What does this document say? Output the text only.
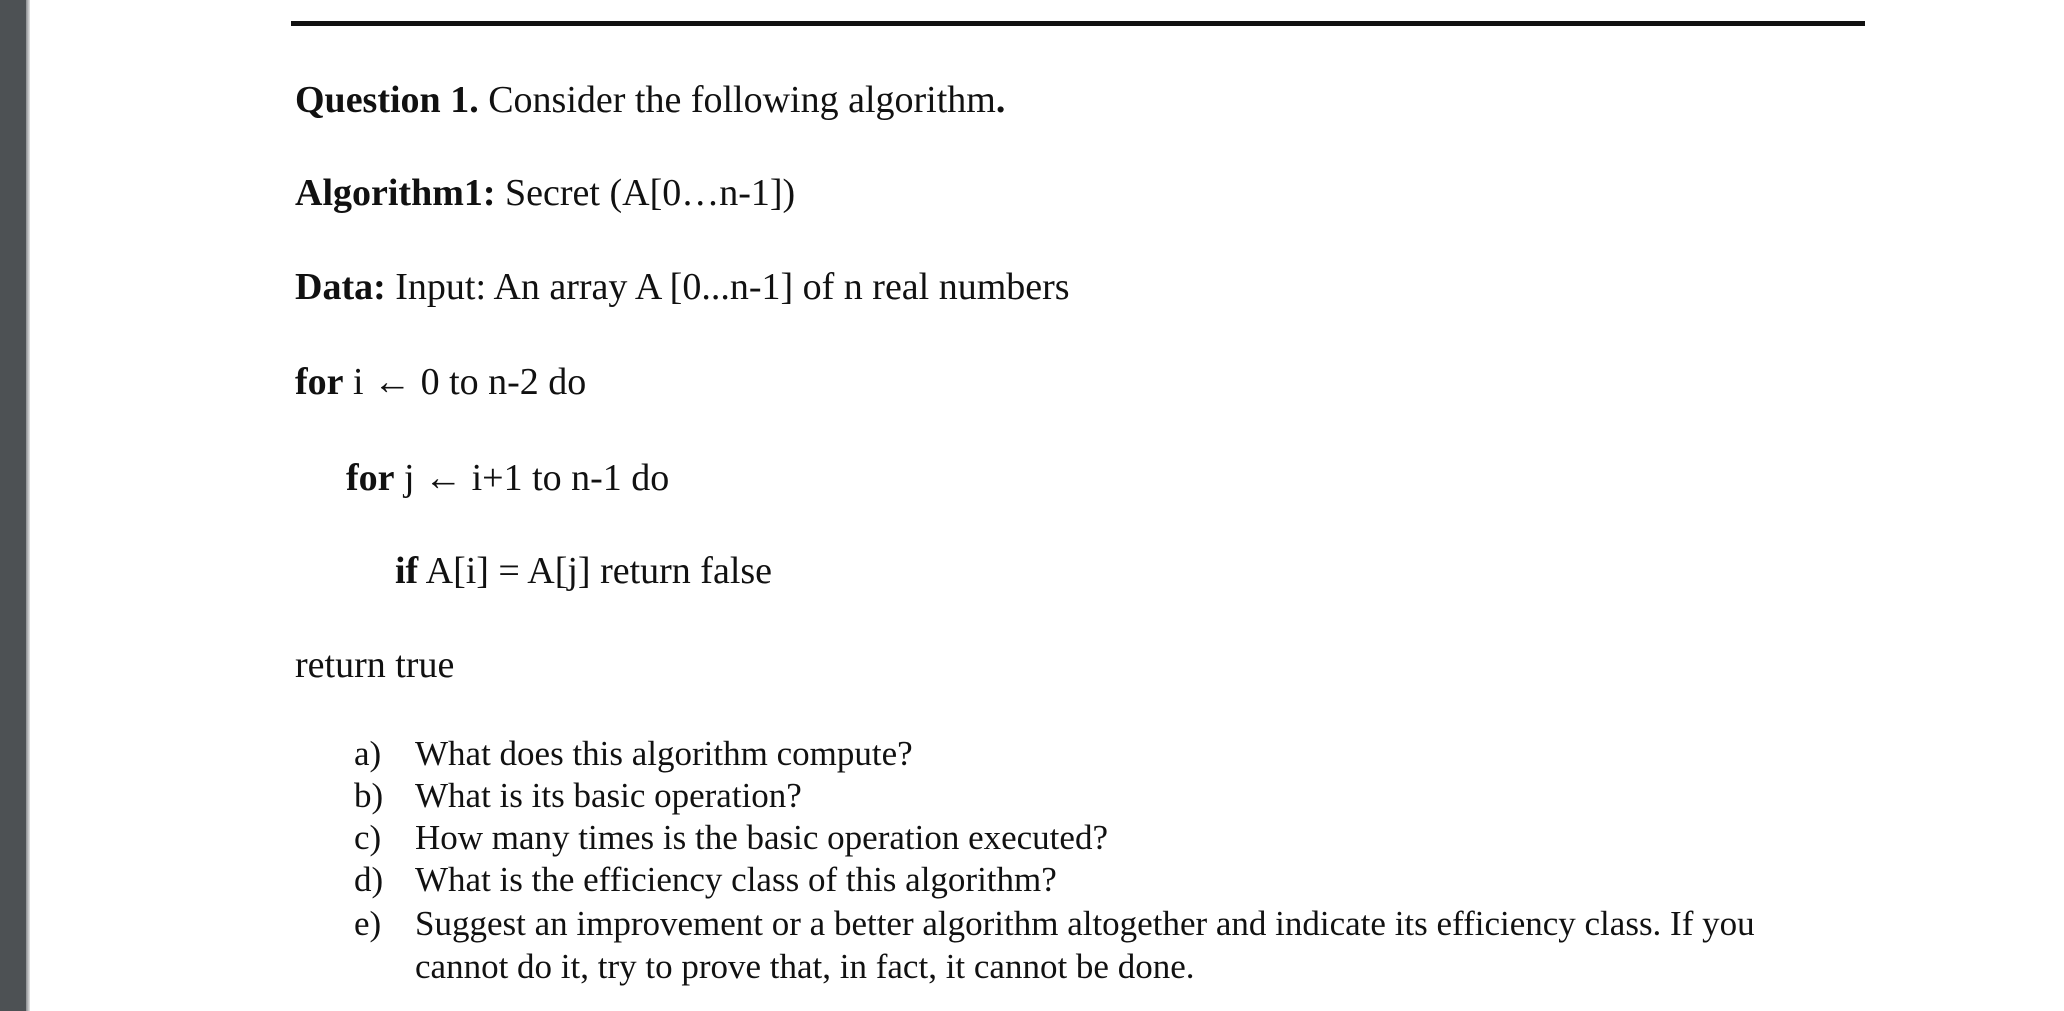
Question 1. Consider the following algorithm.
Algorithm1: Secret (A[0…n-1])
Data: Input: An array A [0...n-1] of n real numbers
for i ← 0 to n-2 do
for j ← i+1 to n-1 do
if A[i] = A[j] return false
return true
a) What does this algorithm compute?
b) What is its basic operation?
c) How many times is the basic operation executed?
d) What is the efficiency class of this algorithm?
e) Suggest an improvement or a better algorithm altogether and indicate its efficiency class. If you
cannot do it, try to prove that, in fact, it cannot be done.
